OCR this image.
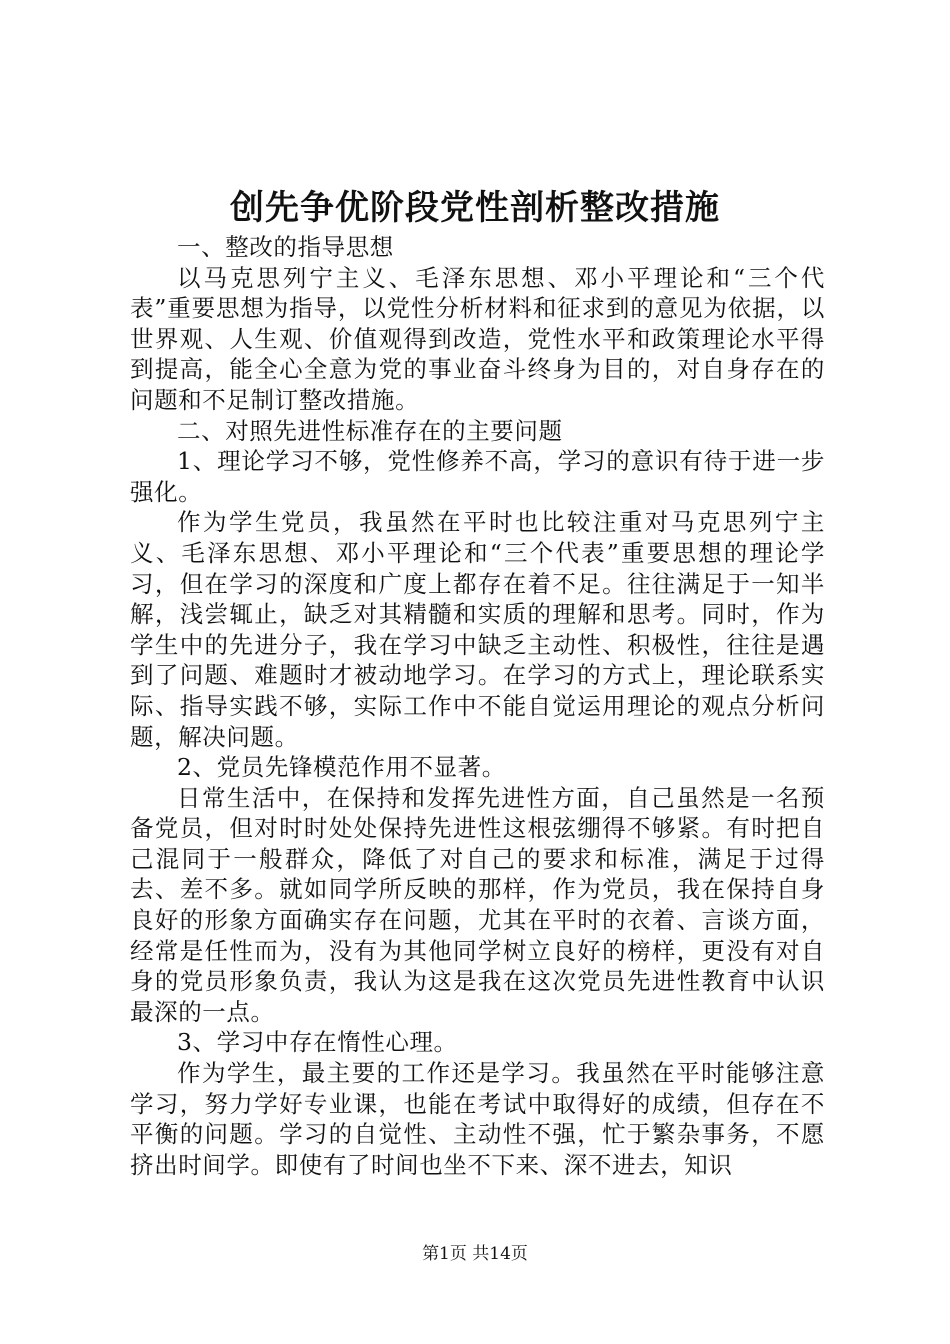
创先争优阶段党性剖析整改措施

一、整改的指导思想

以马克思列宁主义、毛泽东思想、邓小平理论和“三个代表”重要思想为指导，以党性分析材料和征求到的意见为依据，以世界观、人生观、价值观得到改造，党性水平和政策理论水平得到提高，能全心全意为党的事业奋斗终身为目的，对自身存在的问题和不足制订整改措施。

二、对照先进性标准存在的主要问题

1、理论学习不够，党性修养不高，学习的意识有待于进一步强化。

作为学生党员，我虽然在平时也比较注重对马克思列宁主义、毛泽东思想、邓小平理论和“三个代表”重要思想的理论学习，但在学习的深度和广度上都存在着不足。往往满足于一知半解，浅尝辄止，缺乏对其精髓和实质的理解和思考。同时，作为学生中的先进分子，我在学习中缺乏主动性、积极性，往往是遇到了问题、难题时才被动地学习。在学习的方式上，理论联系实际、指导实践不够，实际工作中不能自觉运用理论的观点分析问题，解决问题。

2、党员先锋模范作用不显著。

日常生活中，在保持和发挥先进性方面，自己虽然是一名预备党员，但对时时处处保持先进性这根弦绷得不够紧。有时把自己混同于一般群众，降低了对自己的要求和标准，满足于过得去、差不多。就如同学所反映的那样，作为党员，我在保持自身良好的形象方面确实存在问题，尤其在平时的衣着、言谈方面，经常是任性而为，没有为其他同学树立良好的榜样，更没有对自身的党员形象负责，我认为这是我在这次党员先进性教育中认识最深的一点。

3、学习中存在惰性心理。

作为学生，最主要的工作还是学习。我虽然在平时能够注意学习，努力学好专业课，也能在考试中取得好的成绩，但存在不平衡的问题。学习的自觉性、主动性不强，忙于繁杂事务，不愿挤出时间学。即使有了时间也坐不下来、深不进去，知识

第1页 共14页
